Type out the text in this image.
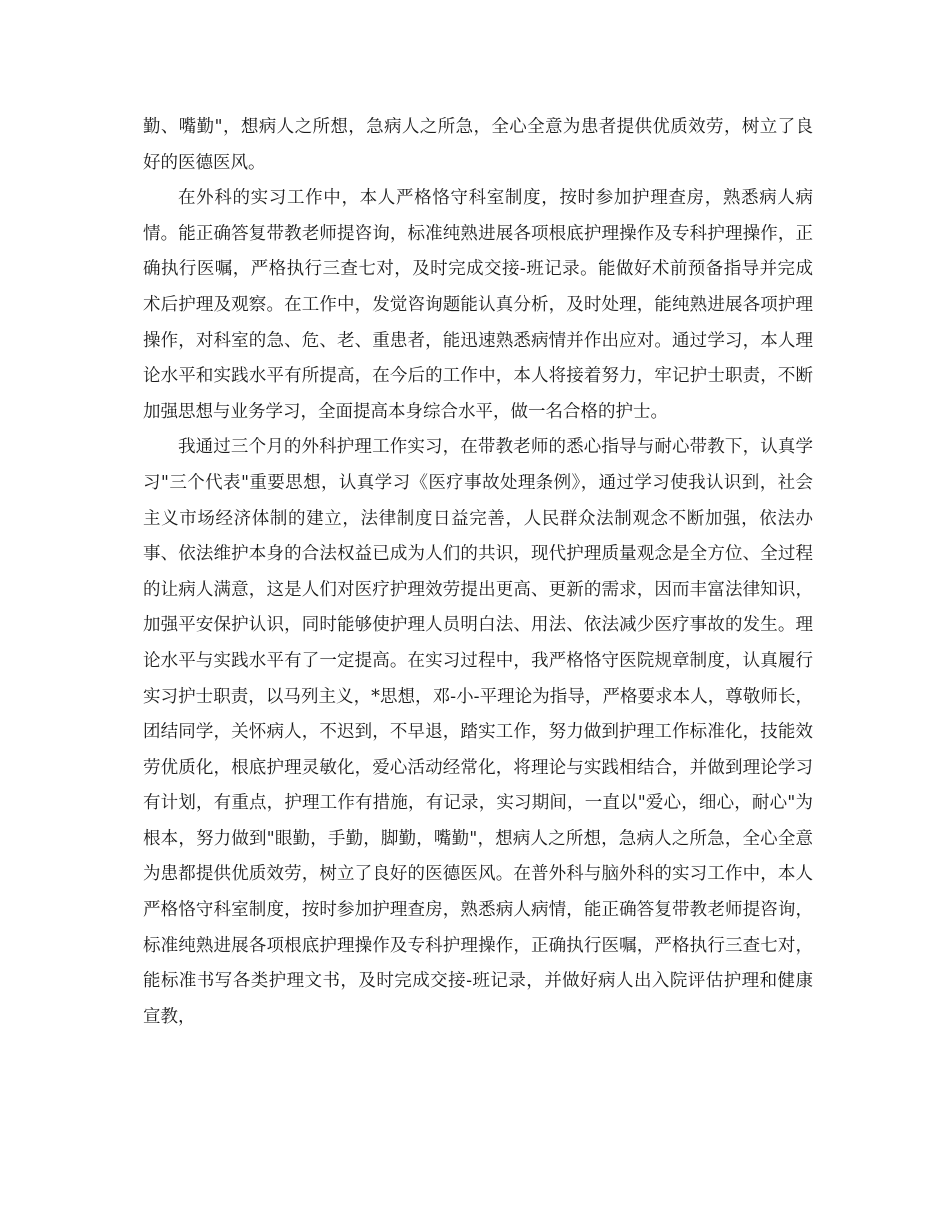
勤、嘴勤"，想病人之所想，急病人之所急，全心全意为患者提供优质效劳，树立了良好的医德医风。

在外科的实习工作中，本人严格恪守科室制度，按时参加护理查房，熟悉病人病情。能正确答复带教老师提咨询，标准纯熟进展各项根底护理操作及专科护理操作，正确执行医嘱，严格执行三查七对，及时完成交接-班记录。能做好术前预备指导并完成术后护理及观察。在工作中，发觉咨询题能认真分析，及时处理，能纯熟进展各项护理操作，对科室的急、危、老、重患者，能迅速熟悉病情并作出应对。通过学习，本人理论水平和实践水平有所提高，在今后的工作中，本人将接着努力，牢记护士职责，不断加强思想与业务学习，全面提高本身综合水平，做一名合格的护士。

我通过三个月的外科护理工作实习，在带教老师的悉心指导与耐心带教下，认真学习"三个代表"重要思想，认真学习《医疗事故处理条例》，通过学习使我认识到，社会主义市场经济体制的建立，法律制度日益完善，人民群众法制观念不断加强，依法办事、依法维护本身的合法权益已成为人们的共识，现代护理质量观念是全方位、全过程的让病人满意，这是人们对医疗护理效劳提出更高、更新的需求，因而丰富法律知识，加强平安保护认识，同时能够使护理人员明白法、用法、依法减少医疗事故的发生。理论水平与实践水平有了一定提高。在实习过程中，我严格恪守医院规章制度，认真履行实习护士职责，以马列主义，*思想，邓-小-平理论为指导，严格要求本人，尊敬师长，团结同学，关怀病人，不迟到，不早退，踏实工作，努力做到护理工作标准化，技能效劳优质化，根底护理灵敏化，爱心活动经常化，将理论与实践相结合，并做到理论学习有计划，有重点，护理工作有措施，有记录，实习期间，一直以"爱心，细心，耐心"为根本，努力做到"眼勤，手勤，脚勤，嘴勤"，想病人之所想，急病人之所急，全心全意为患都提供优质效劳，树立了良好的医德医风。在普外科与脑外科的实习工作中，本人严格恪守科室制度，按时参加护理查房，熟悉病人病情，能正确答复带教老师提咨询，标准纯熟进展各项根底护理操作及专科护理操作，正确执行医嘱，严格执行三查七对，能标准书写各类护理文书，及时完成交接-班记录，并做好病人出入院评估护理和健康宣教，
